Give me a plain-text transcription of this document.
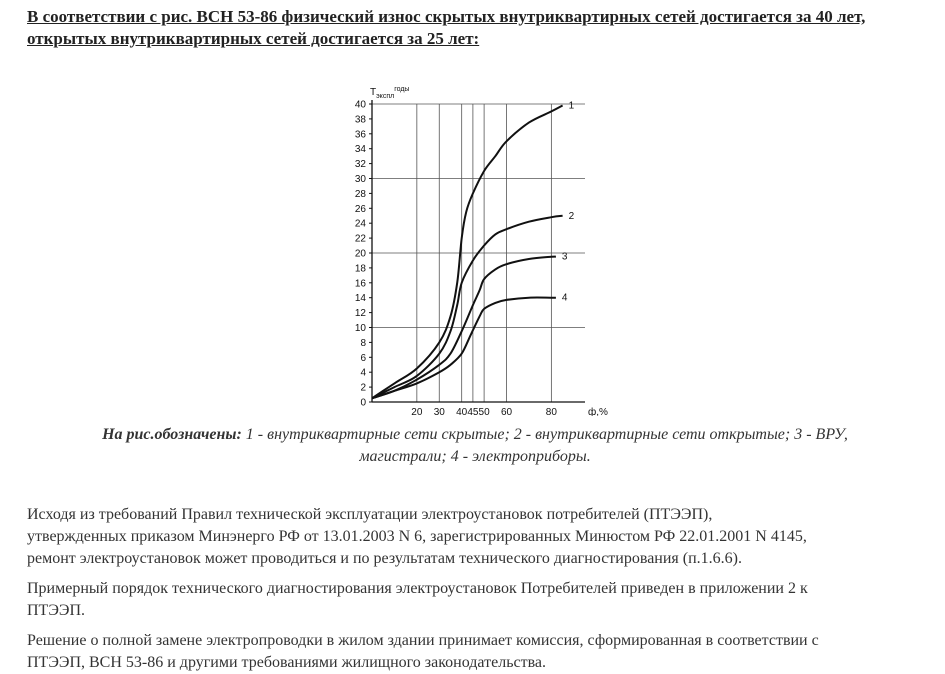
В соответствии с рис. ВСН 53-86 физический износ скрытых внутриквартирных сетей достигается за 40 лет,
открытых внутриквартирных сетей достигается за 25 лет:
0
2
4
6
8
10
12
14
16
18
20
22
24
26
28
30
32
34
36
38
40
20 30 40 45 50 60	80
1
2
3
4
$Т_{экспл}^{годы}$
ф,%
На рис.обозначены: 1 - внутриквартирные сети скрытые; 2 - внутриквартирные сети открытые; 3 - ВРУ,
магистрали; 4 - электроприборы.
Исходя из требований Правил технической эксплуатации электроустановок потребителей (ПТЭЭП),
утвержденных приказом Минэнерго РФ от 13.01.2003 N 6, зарегистрированных Минюстом РФ 22.01.2001 N 4145,
ремонт электроустановок может проводиться и по результатам технического диагностирования (п.1.6.6).
Примерный порядок технического диагностирования электроустановок Потребителей приведен в приложении 2 к
ПТЭЭП.
Решение о полной замене электропроводки в жилом здании принимает комиссия, сформированная в соответствии с
ПТЭЭП, ВСН 53-86 и другими требованиями жилищного законодательства.
